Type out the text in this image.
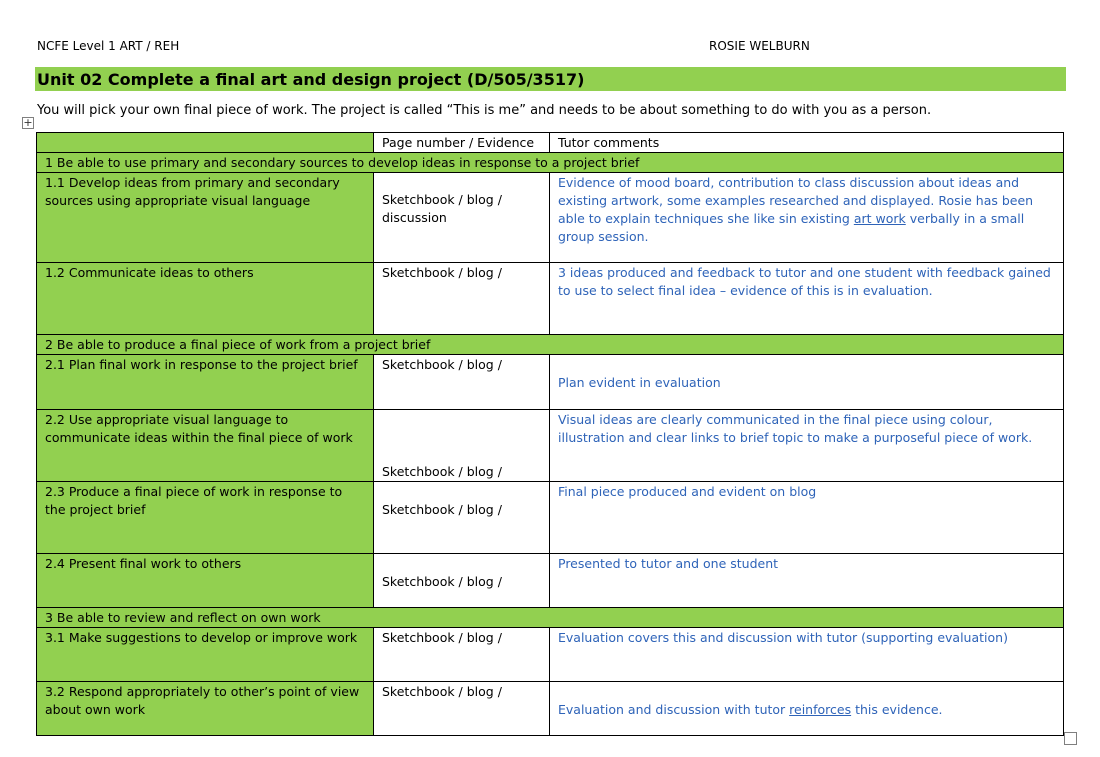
NCFE Level 1 ART / REH	ROSIE WELBURN
Unit 02 Complete a final art and design project (D/505/3517)
You will pick your own final piece of work. The project is called “This is me” and needs to be about something to do with you as a person.
+
	Page number / Evidence	Tutor comments
1 Be able to use primary and secondary sources to develop ideas in response to a project brief		
1.1 Develop ideas from primary and secondary sources using appropriate visual language	Sketchbook / blog / discussion	Evidence of mood board, contribution to class discussion about ideas and existing artwork, some examples researched and displayed. Rosie has been able to explain techniques she like sin existing art work verbally in a small group session.
1.2 Communicate ideas to others	Sketchbook / blog /	3 ideas produced and feedback to tutor and one student with feedback gained to use to select final idea – evidence of this is in evaluation.
2 Be able to produce a final piece of work from a project brief		
2.1 Plan final work in response to the project brief	Sketchbook / blog /	Plan evident in evaluation

2.2 Use appropriate visual language to communicate ideas within the final piece of work	Sketchbook / blog /	Visual ideas are clearly communicated in the final piece using colour, illustration and clear links to brief topic to make a purposeful piece of work.
2.3 Produce a final piece of work in response to the project brief	Sketchbook / blog /	Final piece produced and evident on blog
2.4 Present final work to others	Sketchbook / blog /	Presented to tutor and one student
3 Be able to review and reflect on own work		
3.1 Make suggestions to develop or improve work	Sketchbook / blog /	Evaluation covers this and discussion with tutor (supporting evaluation)
3.2 Respond appropriately to other’s point of view about own work	Sketchbook / blog /	Evaluation and discussion with tutor reinforces this evidence.
